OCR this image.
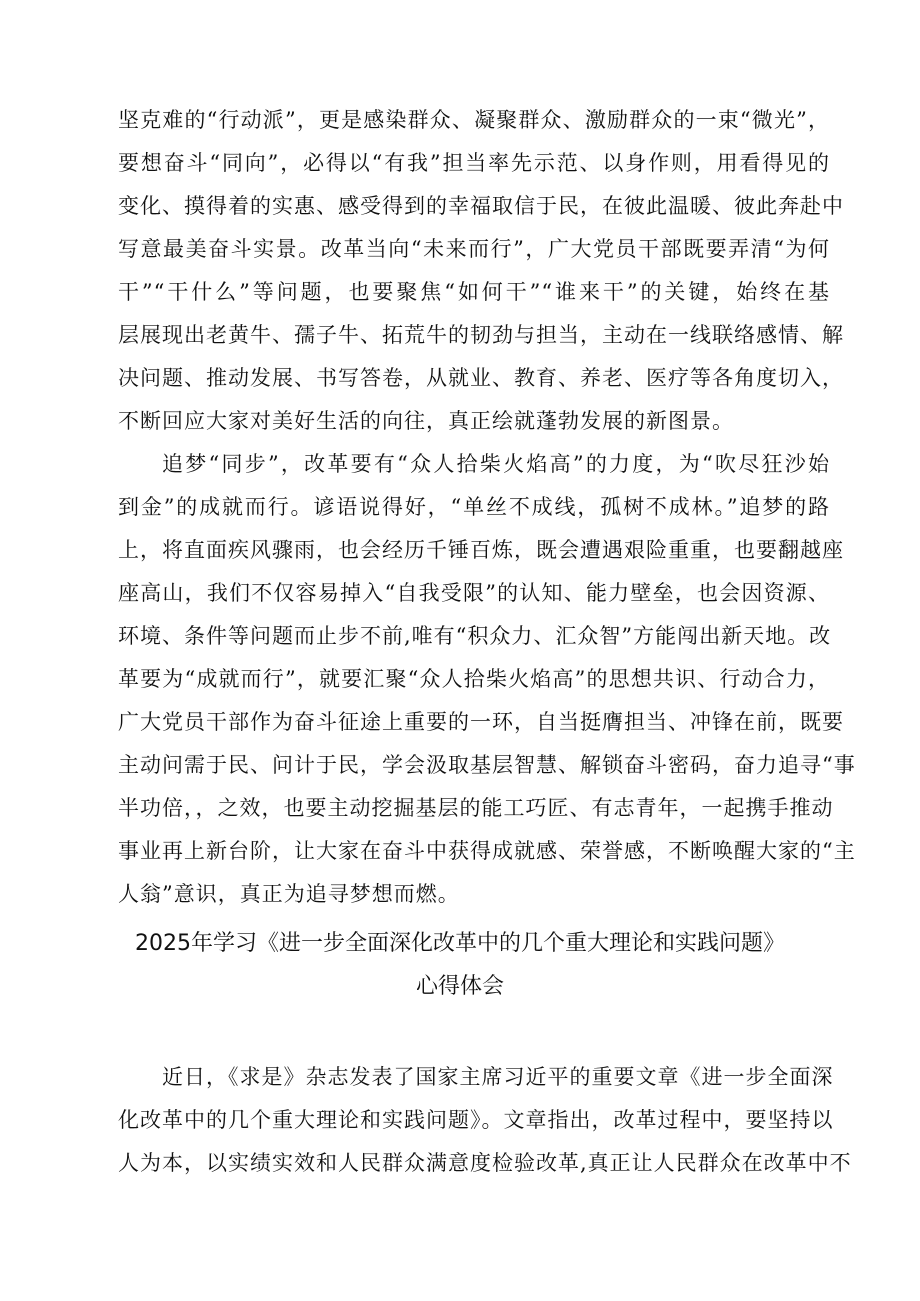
坚克难的“行动派”，更是感染群众、凝聚群众、激励群众的一束“微光”，
要想奋斗“同向”，必得以“有我”担当率先示范、以身作则，用看得见的
变化、摸得着的实惠、感受得到的幸福取信于民，在彼此温暖、彼此奔赴中
写意最美奋斗实景。改革当向“未来而行”，广大党员干部既要弄清“为何
干”“干什么”等问题，也要聚焦“如何干”“谁来干”的关键，始终在基
层展现出老黄牛、孺子牛、拓荒牛的韧劲与担当，主动在一线联络感情、解
决问题、推动发展、书写答卷，从就业、教育、养老、医疗等各角度切入，
不断回应大家对美好生活的向往，真正绘就蓬勃发展的新图景。
追梦“同步”，改革要有“众人拾柴火焰高”的力度，为“吹尽狂沙始
到金”的成就而行。谚语说得好，“单丝不成线，孤树不成林。”追梦的路
上，将直面疾风骤雨，也会经历千锤百炼，既会遭遇艰险重重，也要翻越座
座高山，我们不仅容易掉入“自我受限”的认知、能力壁垒，也会因资源、
环境、条件等问题而止步不前,唯有“积众力、汇众智”方能闯出新天地。改
革要为“成就而行”，就要汇聚“众人拾柴火焰高”的思想共识、行动合力，
广大党员干部作为奋斗征途上重要的一环，自当挺膺担当、冲锋在前，既要
主动问需于民、问计于民，学会汲取基层智慧、解锁奋斗密码，奋力追寻“事
半功倍，，之效，也要主动挖掘基层的能工巧匠、有志青年，一起携手推动
事业再上新台阶，让大家在奋斗中获得成就感、荣誉感，不断唤醒大家的“主
人翁”意识，真正为追寻梦想而燃。
2025年学习《进一步全面深化改革中的几个重大理论和实践问题》
心得体会
近日，《求是》杂志发表了国家主席习近平的重要文章《进一步全面深
化改革中的几个重大理论和实践问题》。文章指出，改革过程中，要坚持以
人为本，以实绩实效和人民群众满意度检验改革,真正让人民群众在改革中不
